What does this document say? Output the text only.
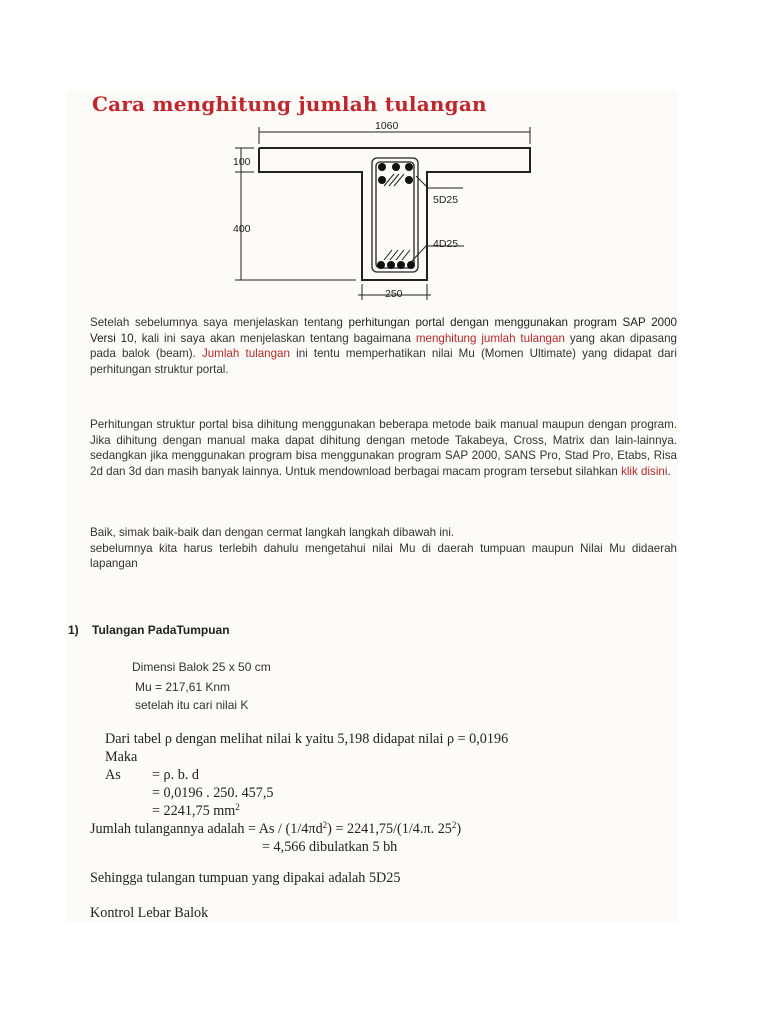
Cara menghitung jumlah tulangan
1060
100
400
250
5D25
4D25

Setelah sebelumnya saya menjelaskan tentang perhitungan portal dengan menggunakan program SAP 2000 Versi 10, kali ini saya akan menjelaskan tentang bagaimana menghitung jumlah tulangan yang akan dipasang pada balok (beam). Jumlah tulangan ini tentu memperhatikan nilai Mu (Momen Ultimate) yang didapat dari perhitungan struktur portal.

Perhitungan struktur portal bisa dihitung menggunakan beberapa metode baik manual maupun dengan program. Jika dihitung dengan manual maka dapat dihitung dengan metode Takabeya, Cross, Matrix dan lain-lainnya. sedangkan jika menggunakan program bisa menggunakan program SAP 2000, SANS Pro, Stad Pro, Etabs, Risa 2d dan 3d dan masih banyak lainnya. Untuk mendownload berbagai macam program tersebut silahkan klik disini.

Baik, simak baik-baik dan dengan cermat langkah langkah dibawah ini.
sebelumnya kita harus terlebih dahulu mengetahui nilai Mu di daerah tumpuan maupun Nilai Mu didaerah lapangan

1) Tulangan PadaTumpuan
Dimensi Balok 25 x 50 cm
Mu = 217,61 Knm
setelah itu cari nilai K
Dari tabel ρ dengan melihat nilai k yaitu 5,198 didapat nilai ρ = 0,0196
Maka
As = ρ. b. d
= 0,0196 . 250. 457,5
= 2241,75 $mm^2$
Jumlah tulangannya adalah = $As / (1/4\pi d^2) = 2241,75/(1/4.\pi$. $25^2$)
= 4,566 dibulatkan 5 bh
Sehingga tulangan tumpuan yang dipakai adalah 5D25
Kontrol Lebar Balok
